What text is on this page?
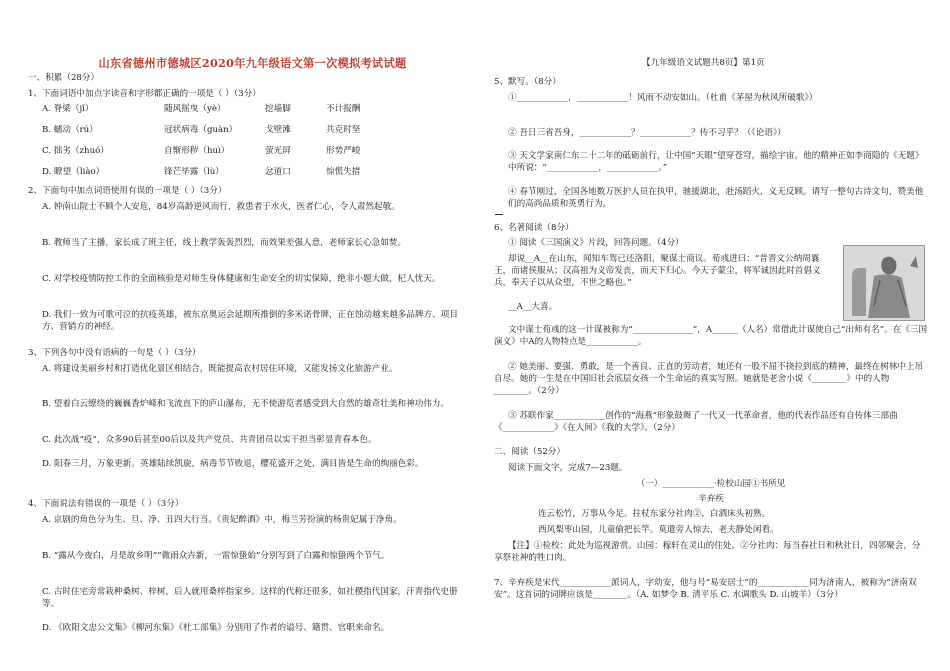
山东省德州市德城区2020年九年级语文第一次模拟考试试题
一、积累（28分）
1、下面词语中加点字读音和字形都正确的一项是（ ）（3分）
A. 脊梁（jǐ）	随风摇曳（yè）	挖墙脚	不计报酬
B. 蠕动（rú）	冠状病毒（guàn）	戈壁滩	共克时坚
C. 拙劣（zhuó）	自惭形秽（huì）	萤光屏	形势严峻
D. 瞭望（liào）	锋芒毕露（lù）	忿道口	惊慌失措
2、下面句中加点词语使用有误的一项是（ ）（3分）
A. 钟南山院士不顾个人安危，84岁高龄逆风而行，救患者于水火，医者仁心，令人肃然起敬。
B. 教师当了主播，家长成了班主任，线上教学轰轰烈烈，而效果差强人意，老师家长心急如焚。
C. 对学校疫情防控工作的全面核验是对师生身体健康和生命安全的切实保障，绝非小题大做，杞人忧天。
D. 我们一致为可歌可泣的抗疫英雄，被东京奥运会延期所推倒的多米诺骨牌，正在蚀动越来越多品牌方、项目方、营销方的神经。
3、下列各句中没有语病的一句是（ ）（3分）
A. 将建设美丽乡村和打造优化景区相结合，既能提高农村居住环境，又能发扬文化旅游产业。
B. 望着白云缭绕的巍巍香炉峰和飞流直下的庐山瀑布，无不使游览者感受到大自然的雄奇壮美和神功伟力。
C. 此次战“疫”，众多90后甚至00后以及共产党员、共青团员以实干担当彰显青春本色。
D. 阳春三月，万象更新。英雄陆续凯旋，病毒节节败退，樱花盛开之处，满目皆是生命的绚丽色彩。
4、下面说法有错误的一项是（ ）（3分）
A. 京剧的角色分为生、旦、净、丑四大行当。《贵妃醉酒》中，梅兰芳扮演的杨贵妃属于净角。
B. “露从今夜白，月是故乡明”“微雨众卉新，一雷惊蛰始”分别写到了白露和惊蛰两个节气。
C. 古时住宅旁常栽种桑树、梓树，后人就用桑梓指家乡。这样的代称还很多，如社稷指代国家，汗青指代史册等。
D. 《欧阳文忠公文集》《柳河东集》《杜工部集》分别用了作者的谥号、籍贯、官职来命名。
【九年级语文试题共8页】第1页
5、默写。（8分）
①____________，____________！风雨不动安如山。（杜甫《茅屋为秋风所破歌》）
② 吾日三省吾身，____________？____________？传不习乎？（《论语》）
③ 天文学家南仁东二十二年的砥砺前行，让中国“天眼”望穿苍穹，描绘宇宙。他的精神正如李商隐的《无题》中所说：“____________，____________。”
④ 春节刚过，全国各地数万医护人员在执甲，驰援湖北，赴汤蹈火，义无反顾。请写一整句古诗文句，赞美他们的高尚品质和英勇行为。
6、名著阅读（8分）
① 阅读《三国演义》片段，回答问题。（4分）
却说__A__在山东，闻知车驾已还洛阳，聚谋士商议。荀彧进曰：“昔晋文公纳周襄王，而诸侯服从；汉高祖为义帝发丧，而天下归心。今天子蒙尘，将军诚因此时首倡义兵，奉天子以从众望，不世之略也。”
__A__大喜。
文中谋士荀彧的这一计谋被称为“______________”，A______（人名）常借此计谋使自己“出师有名”。在《三国演义》中A的人物特点是____________。
② 她美丽、要强、勇敢，是一个善良、正直的劳动者，她还有一股不屈不挠拉到底的精神，最终在树林中上吊自尽。她的一生是在中国旧社会底层女孩一个生命运的真实写照。她就是老舍小说《________》中的人物________。（2分）
③ 苏联作家____________创作的“海燕”形象鼓舞了一代又一代革命者，他的代表作品还有自传体三部曲《____________》《在人间》《我的大学》。（2分）
二、阅读（52分）
阅读下面文字，完成7—23题。
（一）____________·检校山园①书所见
辛弃疾
连云松竹，万事从今足。拄杖东家分社肉②，白酒床头初熟。
西风梨枣山园，儿童偷把长竿。莫遣旁人惊去，老夫静处闲看。
【注】①检校：此处为巡视游赏。山园：稼轩在灵山的住处。②分社肉：每当春社日和秋社日，四邻聚会，分享祭社神的牲口肉。
7、辛弃疾是宋代____________派词人，字幼安，他与号“易安居士”的____________同为济南人，被称为“济南双安”。这首词的词牌应该是________。（A. 如梦令 B. 清平乐 C. 水调歌头 D. 山坡羊）（3分）
